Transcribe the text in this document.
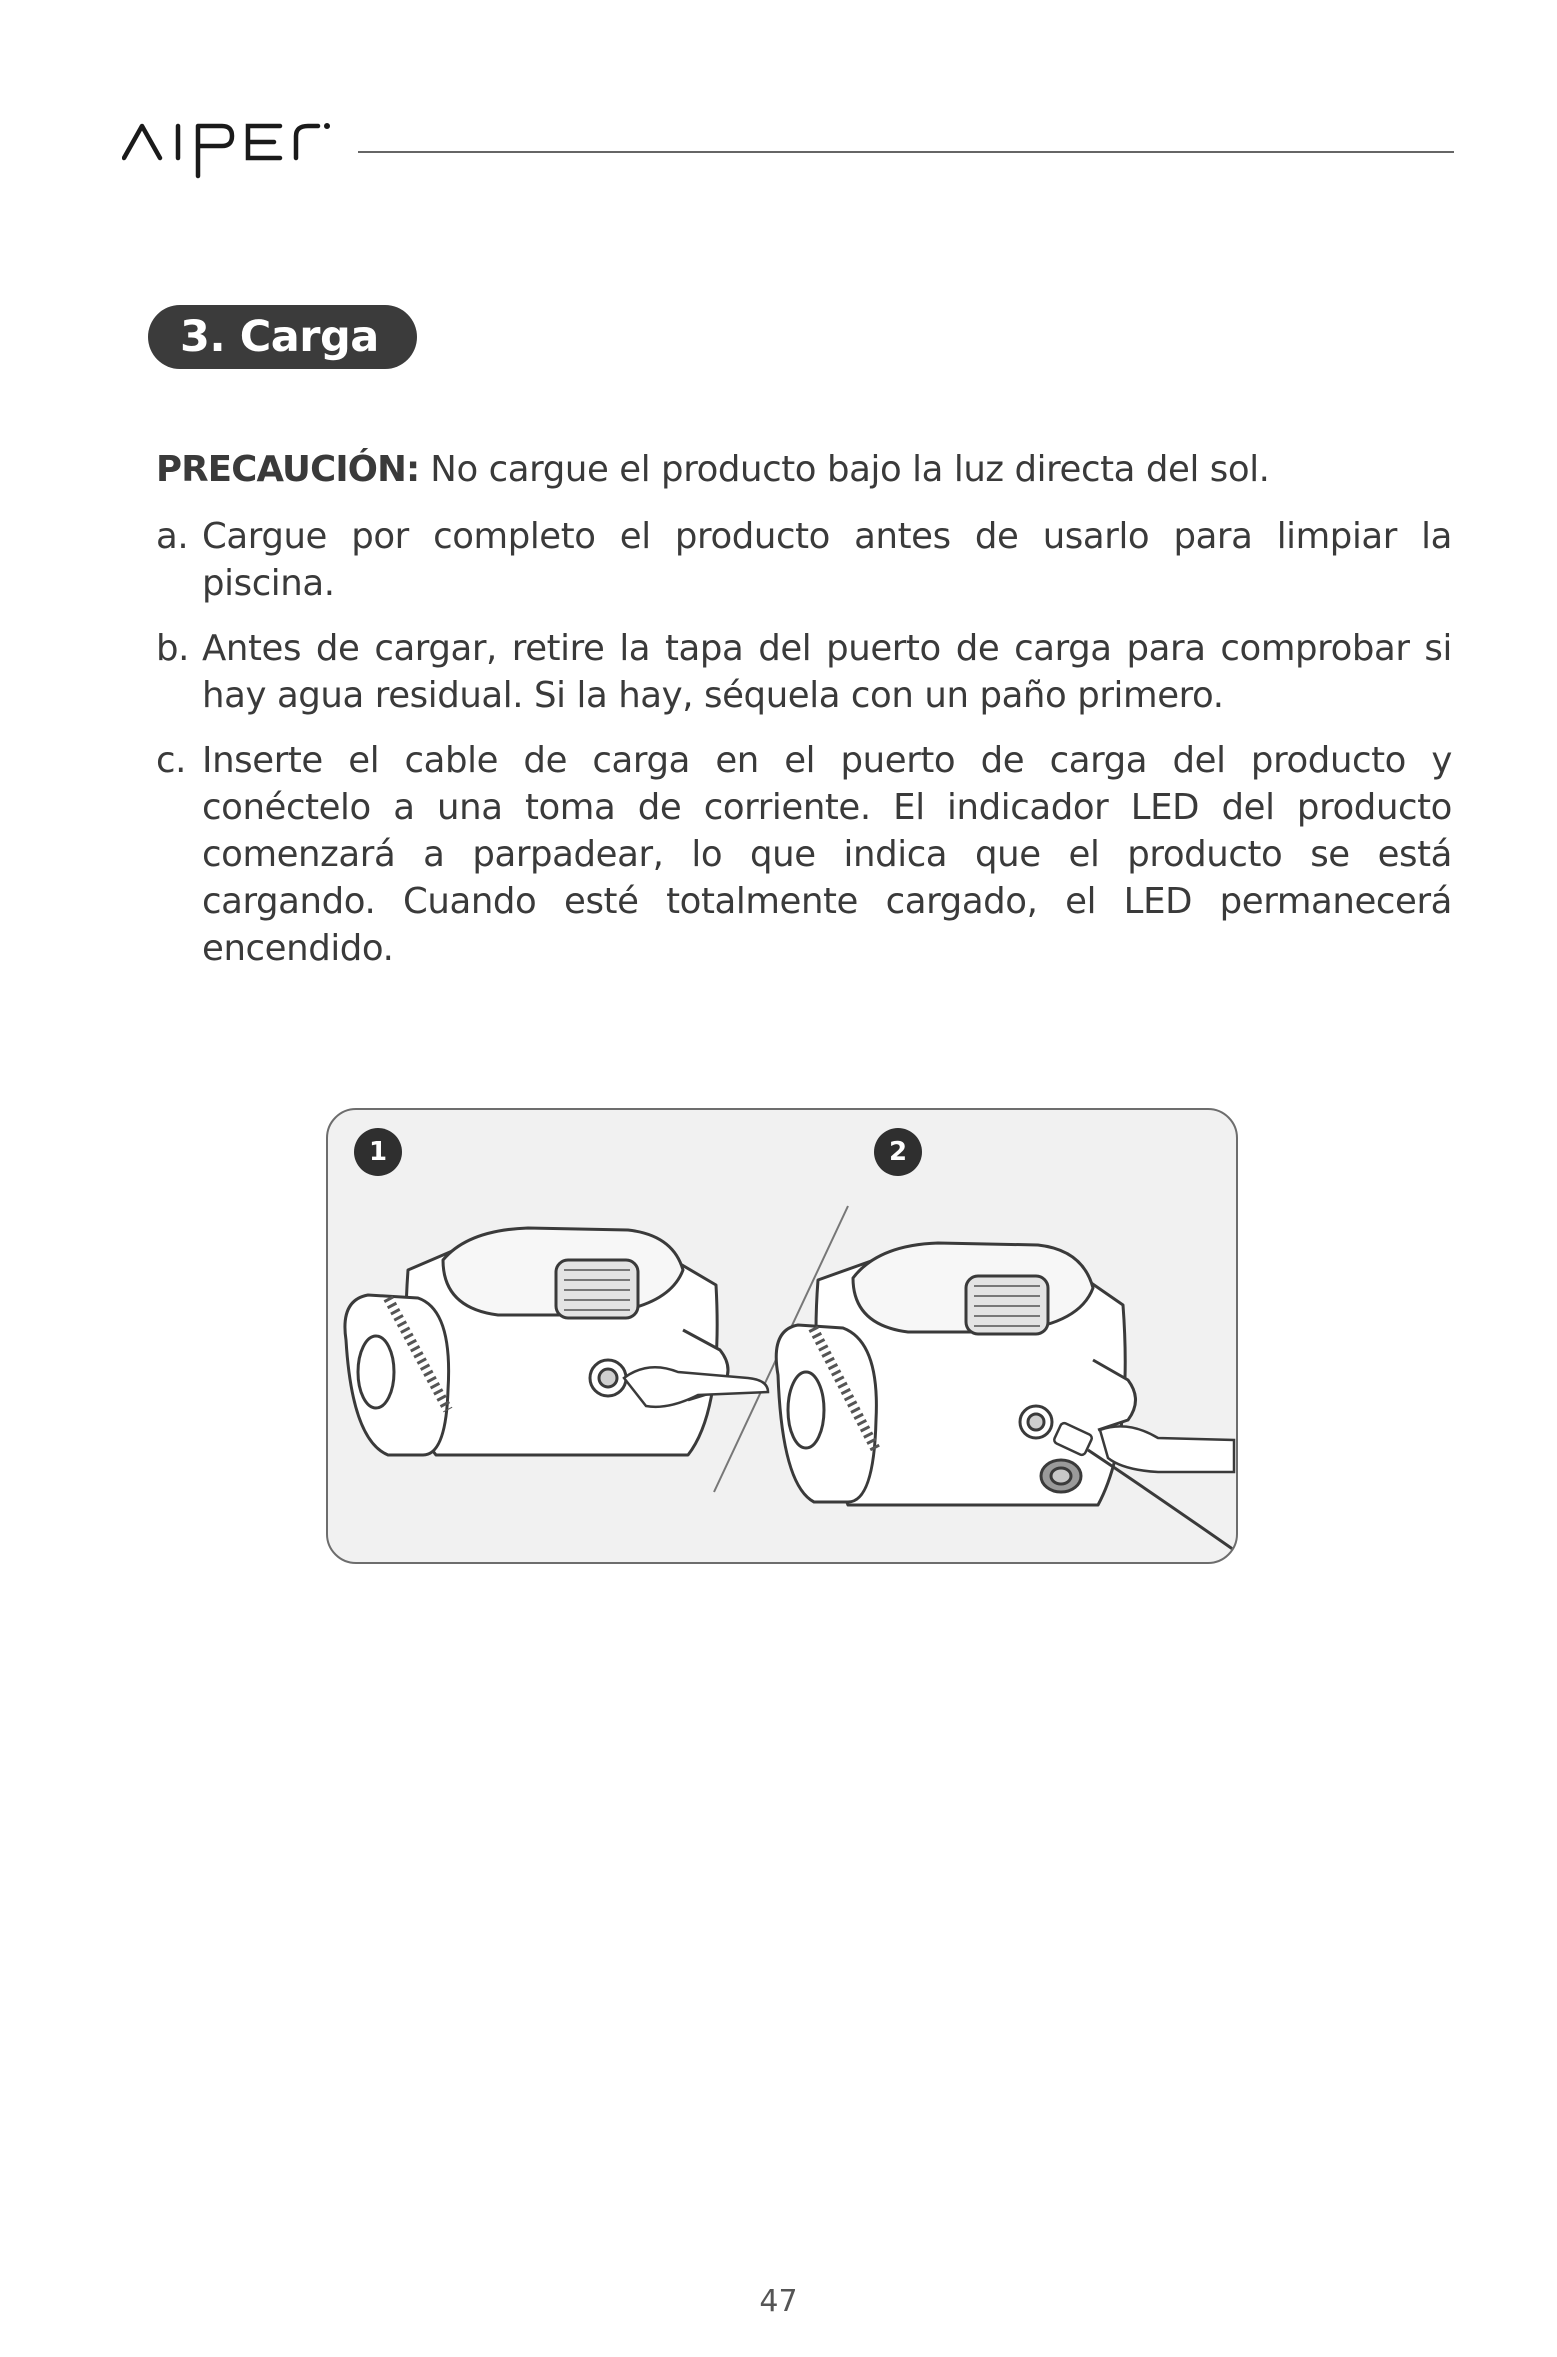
3. Carga
PRECAUCIÓN: No cargue el producto bajo la luz directa del sol.
a. Cargue por completo el producto antes de usarlo para limpiar la piscina.
b. Antes de cargar, retire la tapa del puerto de carga para comprobar si hay agua residual. Si la hay, séquela con un paño primero.
c. Inserte el cable de carga en el puerto de carga del producto y conéctelo a una toma de corriente. El indicador LED del producto comenzará a parpadear, lo que indica que el producto se está cargando. Cuando esté totalmente cargado, el LED permanecerá encendido.
1	2
47
